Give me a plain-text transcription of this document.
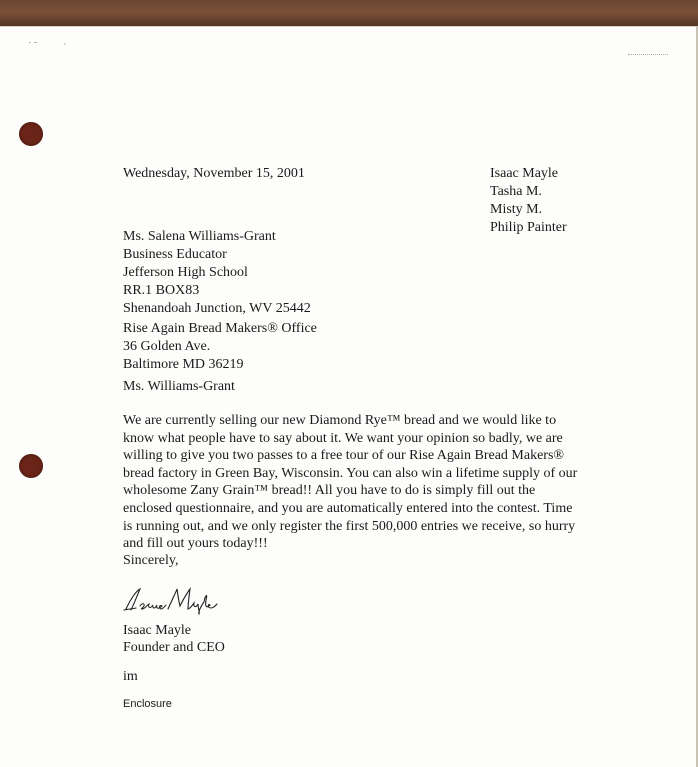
˙ ˜	`

Wednesday, November 15, 2001	Isaac Mayle
Tasha M.
Misty M.
Philip Painter
Ms. Salena Williams-Grant
Business Educator
Jefferson High School
RR.1 BOX83
Shenandoah Junction, WV 25442
Rise Again Bread Makers® Office
36 Golden Ave.
Baltimore MD 36219

Ms. Williams-Grant

We are currently selling our new Diamond Rye™ bread and we would like to
know what people have to say about it. We want your opinion so badly, we are
willing to give you two passes to a free tour of our Rise Again Bread Makers®
bread factory in Green Bay, Wisconsin. You can also win a lifetime supply of our
wholesome Zany Grain™ bread!! All you have to do is simply fill out the
enclosed questionnaire, and you are automatically entered into the contest. Time
is running out, and we only register the first 500,000 entries we receive, so hurry
and fill out yours today!!!

Sincerely,

Isaac Mayle

Founder and CEO

im

Enclosure
